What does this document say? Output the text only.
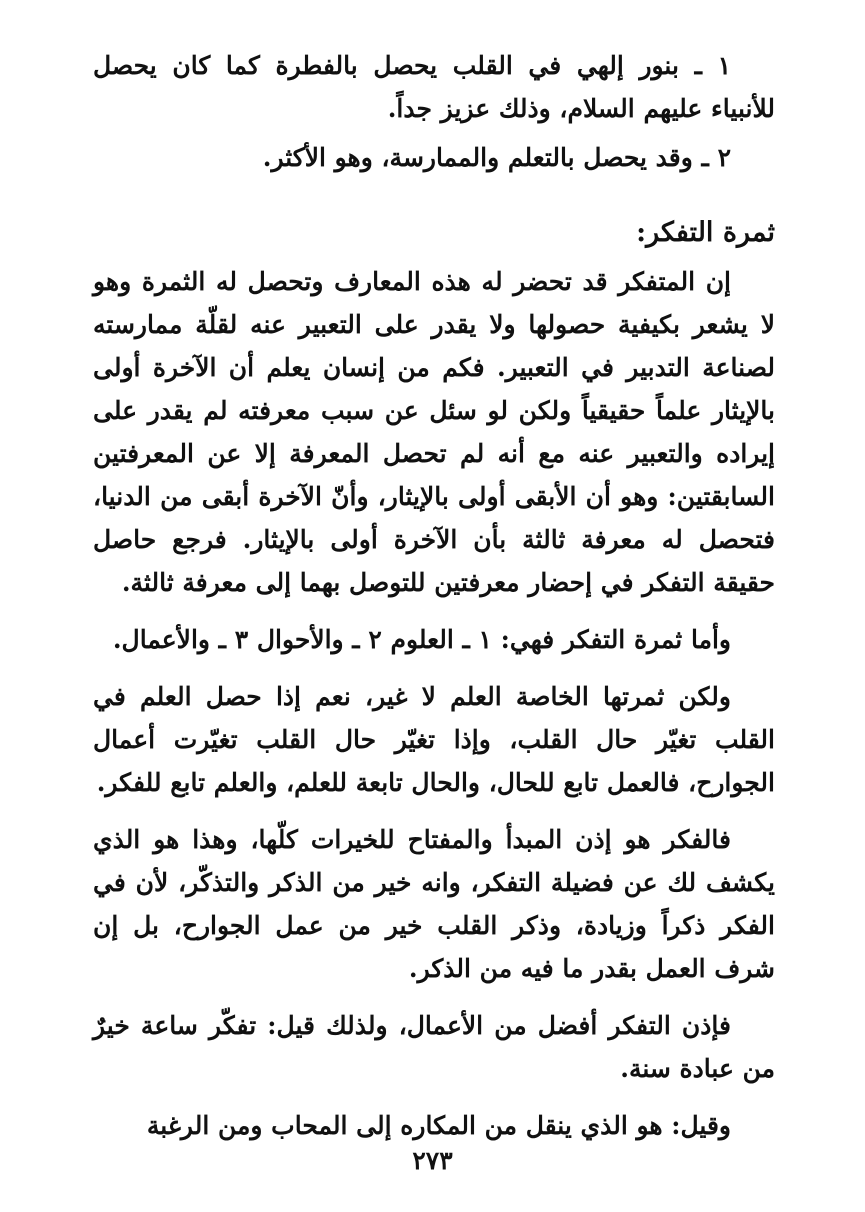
١ ـ بنور إلهي في القلب يحصل بالفطرة كما كان يحصل للأنبياء عليهم السلام، وذلك عزيز جداً.

٢ ـ وقد يحصل بالتعلم والممارسة، وهو الأكثر.

ثمرة التفكر:

إن المتفكر قد تحضر له هذه المعارف وتحصل له الثمرة وهو لا يشعر بكيفية حصولها ولا يقدر على التعبير عنه لقلّة ممارسته لصناعة التدبير في التعبير. فكم من إنسان يعلم أن الآخرة أولى بالإيثار علماً حقيقياً ولكن لو سئل عن سبب معرفته لم يقدر على إيراده والتعبير عنه مع أنه لم تحصل المعرفة إلا عن المعرفتين السابقتين: وهو أن الأبقى أولى بالإيثار، وأنّ الآخرة أبقى من الدنيا، فتحصل له معرفة ثالثة بأن الآخرة أولى بالإيثار. فرجع حاصل حقيقة التفكر في إحضار معرفتين للتوصل بهما إلى معرفة ثالثة.

وأما ثمرة التفكر فهي: ١ ـ العلوم ٢ ـ والأحوال ٣ ـ والأعمال.

ولكن ثمرتها الخاصة العلم لا غير، نعم إذا حصل العلم في القلب تغيّر حال القلب، وإذا تغيّر حال القلب تغيّرت أعمال الجوارح، فالعمل تابع للحال، والحال تابعة للعلم، والعلم تابع للفكر.

فالفكر هو إذن المبدأ والمفتاح للخيرات كلّها، وهذا هو الذي يكشف لك عن فضيلة التفكر، وانه خير من الذكر والتذكّر، لأن في الفكر ذكراً وزيادة، وذكر القلب خير من عمل الجوارح، بل إن شرف العمل بقدر ما فيه من الذكر.

فإذن التفكر أفضل من الأعمال، ولذلك قيل: تفكّر ساعة خيرٌ من عبادة سنة.

وقيل: هو الذي ينقل من المكاره إلى المحاب ومن الرغبة

٢٧٣
